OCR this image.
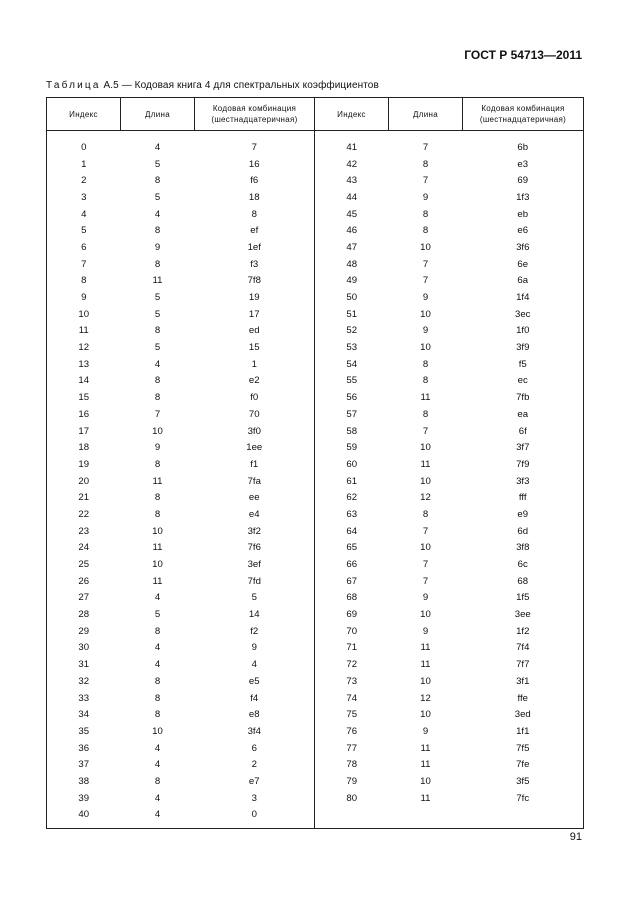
ГОСТ Р 54713—2011
Таблица А.5 — Кодовая книга 4 для спектральных коэффициентов
Индекс	Длина	Кодовая комбинация (шестнадцатеричная)	Индекс	Длина	Кодовая комбинация (шестнадцатеричная)

0	4	7	41	7	6b
1	5	16	42	8	e3
2	8	f6	43	7	69
3	5	18	44	9	1f3
4	4	8	45	8	eb
5	8	ef	46	8	e6
6	9	1ef	47	10	3f6
7	8	f3	48	7	6e
8	11	7f8	49	7	6a
9	5	19	50	9	1f4
10	5	17	51	10	3ec
11	8	ed	52	9	1f0
12	5	15	53	10	3f9
13	4	1	54	8	f5
14	8	e2	55	8	ec
15	8	f0	56	11	7fb
16	7	70	57	8	ea
17	10	3f0	58	7	6f
18	9	1ee	59	10	3f7
19	8	f1	60	11	7f9
20	11	7fa	61	10	3f3
21	8	ee	62	12	fff
22	8	e4	63	8	e9
23	10	3f2	64	7	6d
24	11	7f6	65	10	3f8
25	10	3ef	66	7	6c
26	11	7fd	67	7	68
27	4	5	68	9	1f5
28	5	14	69	10	3ee
29	8	f2	70	9	1f2
30	4	9	71	11	7f4
31	4	4	72	11	7f7
32	8	e5	73	10	3f1
33	8	f4	74	12	ffe
34	8	e8	75	10	3ed
35	10	3f4	76	9	1f1
36	4	6	77	11	7f5
37	4	2	78	11	7fe
38	8	e7	79	10	3f5
39	4	3	80	11	7fc
40	4	0			

91
